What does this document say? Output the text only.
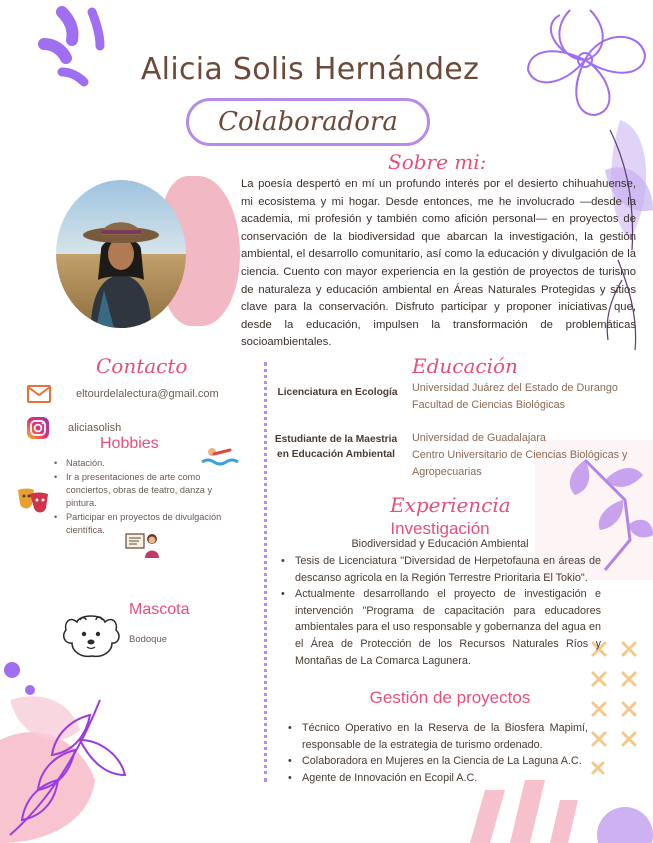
Alicia Solis Hernández
Colaboradora
Sobre mi:

La poesía despertó en mí un profundo interés por el desierto chihuahuense, mi ecosistema y mi hogar. Desde entonces, me he involucrado —desde la academia, mi profesión y también como afición personal— en proyectos de conservación de la biodiversidad que abarcan la investigación, la gestión ambiental, el desarrollo comunitario, así como la educación y divulgación de la ciencia. Cuento con mayor experiencia en la gestión de proyectos de turismo de naturaleza y educación ambiental en Áreas Naturales Protegidas y sitios clave para la conservación. Disfruto participar y proponer iniciativas que, desde la educación, impulsen la transformación de problemáticas socioambientales.

Contacto
eltourdelalectura@gmail.com
aliciasolish
Hobbies
• Natación.
• Ir a presentaciones de arte como conciertos, obras de teatro, danza y pintura.
• Participar en proyectos de divulgación científica.
Mascota
Bodoque
Educación
Licenciatura en Ecología	Universidad Juárez del Estado de Durango
Facultad de Ciencias Biológicas
Estudiante de la Maestria en Educación Ambiental
Universidad de Guadalajara
Centro Universitario de Ciencias Biológicas y Agropecuarias
Experiencia
Investigación
Biodiversidad y Educación Ambiental
• Tesis de Licenciatura "Diversidad de Herpetofauna en áreas de descanso agricola en la Región Terrestre Prioritaria El Tokio".
• Actualmente desarrollando el proyecto de investigación e intervención "Programa de capacitación para educadores ambientales para el uso responsable y gobernanza del agua en el Área de Protección de los Recursos Naturales Ríos y Montañas de La Comarca Lagunera.
Gestión de proyectos
• Técnico Operativo en la Reserva de la Biosfera Mapimí, responsable de la estrategia de turismo ordenado.
• Colaboradora en Mujeres en la Ciencia de La Laguna A.C.
• Agente de Innovación en Ecopil A.C.
